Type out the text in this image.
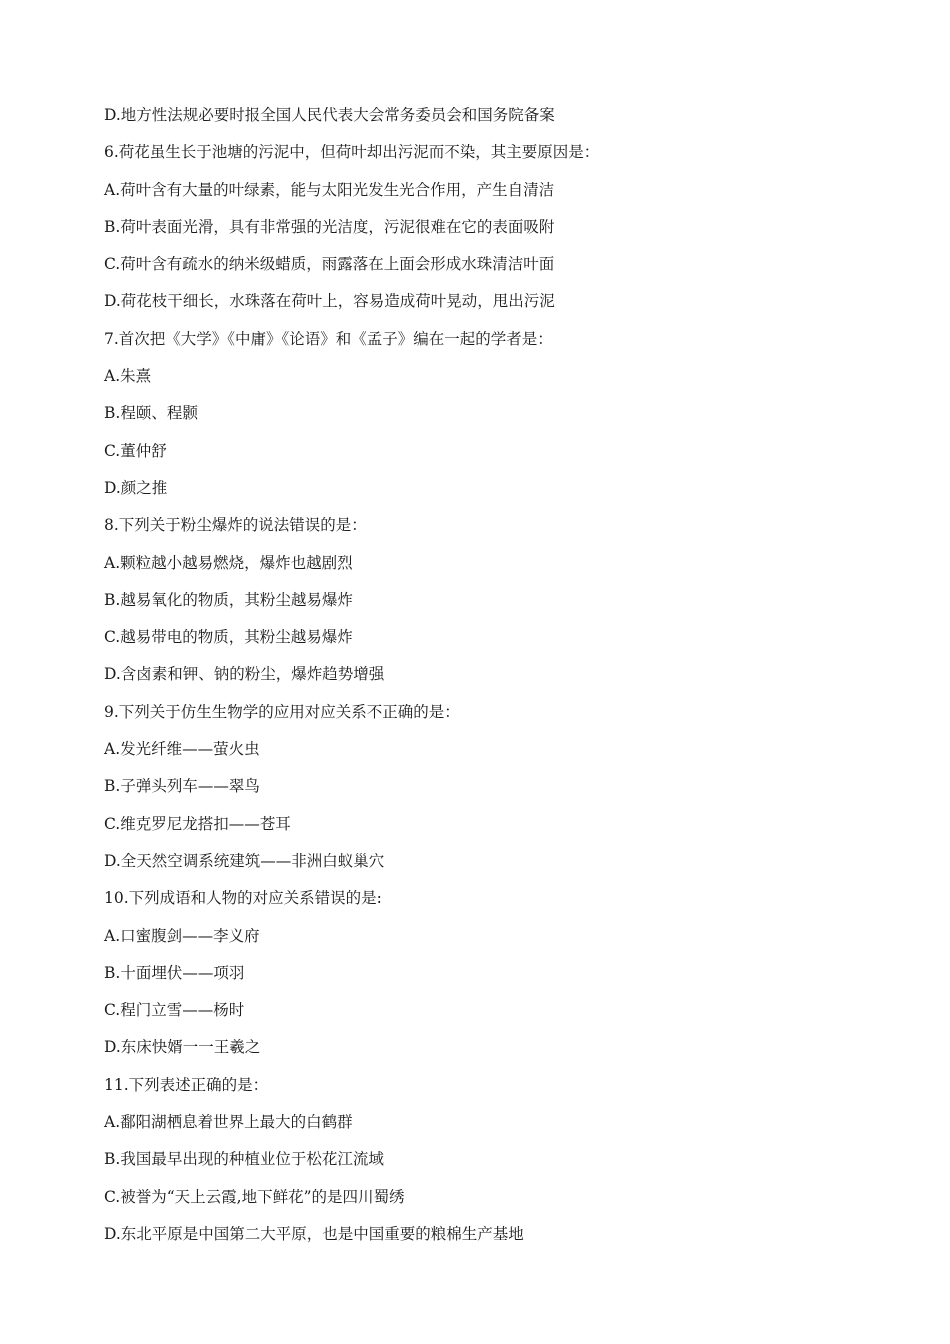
D.地方性法规必要时报全国人民代表大会常务委员会和国务院备案
6.荷花虽生长于池塘的污泥中，但荷叶却出污泥而不染，其主要原因是：
A.荷叶含有大量的叶绿素，能与太阳光发生光合作用，产生自清洁
B.荷叶表面光滑，具有非常强的光洁度，污泥很难在它的表面吸附
C.荷叶含有疏水的纳米级蜡质，雨露落在上面会形成水珠清洁叶面
D.荷花枝干细长，水珠落在荷叶上，容易造成荷叶晃动，甩出污泥
7.首次把《大学》《中庸》《论语》和《孟子》编在一起的学者是：
A.朱熹
B.程颐、程颢
C.董仲舒
D.颜之推
8.下列关于粉尘爆炸的说法错误的是：
A.颗粒越小越易燃烧，爆炸也越剧烈
B.越易氧化的物质，其粉尘越易爆炸
C.越易带电的物质，其粉尘越易爆炸
D.含卤素和钾、钠的粉尘，爆炸趋势增强
9.下列关于仿生生物学的应用对应关系不正确的是：
A.发光纤维——萤火虫
B.子弹头列车——翠鸟
C.维克罗尼龙搭扣——苍耳
D.全天然空调系统建筑——非洲白蚁巢穴
10.下列成语和人物的对应关系错误的是:
A.口蜜腹剑——李义府
B.十面埋伏——项羽
C.程门立雪——杨时
D.东床快婿一一王羲之
11.下列表述正确的是：
A.鄱阳湖栖息着世界上最大的白鹤群
B.我国最早出现的种植业位于松花江流域
C.被誉为“天上云霞,地下鲜花”的是四川蜀绣
D.东北平原是中国第二大平原，也是中国重要的粮棉生产基地
